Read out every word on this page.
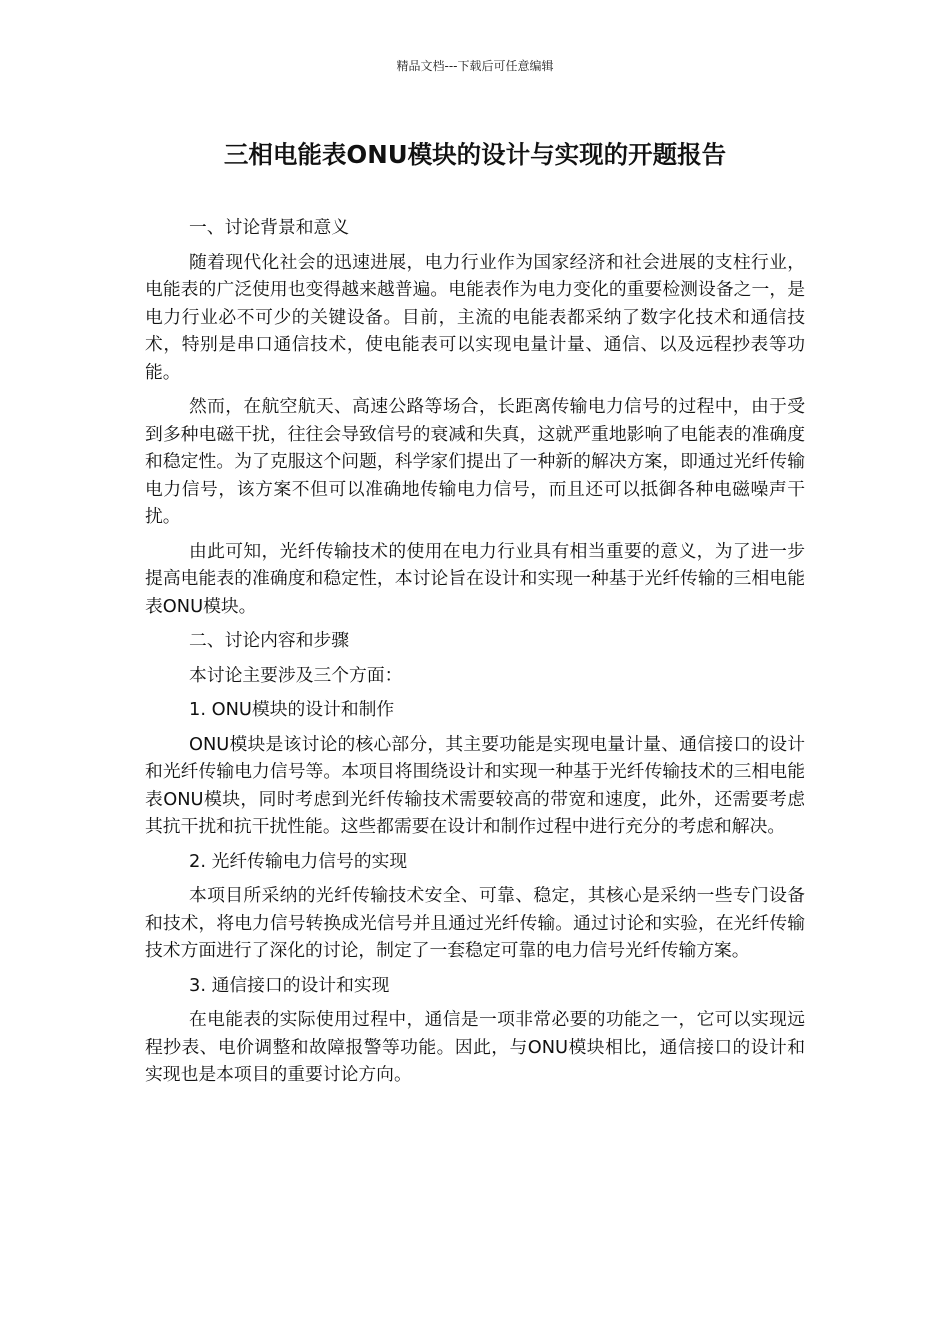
精品文档---下载后可任意编辑
三相电能表ONU模块的设计与实现的开题报告

一、讨论背景和意义

随着现代化社会的迅速进展，电力行业作为国家经济和社会进展的支柱行业，电能表的广泛使用也变得越来越普遍。电能表作为电力变化的重要检测设备之一，是电力行业必不可少的关键设备。目前，主流的电能表都采纳了数字化技术和通信技术，特别是串口通信技术，使电能表可以实现电量计量、通信、以及远程抄表等功能。

然而，在航空航天、高速公路等场合，长距离传输电力信号的过程中，由于受到多种电磁干扰，往往会导致信号的衰减和失真，这就严重地影响了电能表的准确度和稳定性。为了克服这个问题，科学家们提出了一种新的解决方案，即通过光纤传输电力信号，该方案不但可以准确地传输电力信号，而且还可以抵御各种电磁噪声干扰。

由此可知，光纤传输技术的使用在电力行业具有相当重要的意义，为了进一步提高电能表的准确度和稳定性，本讨论旨在设计和实现一种基于光纤传输的三相电能表ONU模块。

二、讨论内容和步骤

本讨论主要涉及三个方面：

1. ONU模块的设计和制作

ONU模块是该讨论的核心部分，其主要功能是实现电量计量、通信接口的设计和光纤传输电力信号等。本项目将围绕设计和实现一种基于光纤传输技术的三相电能表ONU模块，同时考虑到光纤传输技术需要较高的带宽和速度，此外，还需要考虑其抗干扰和抗干扰性能。这些都需要在设计和制作过程中进行充分的考虑和解决。

2. 光纤传输电力信号的实现

本项目所采纳的光纤传输技术安全、可靠、稳定，其核心是采纳一些专门设备和技术，将电力信号转换成光信号并且通过光纤传输。通过讨论和实验，在光纤传输技术方面进行了深化的讨论，制定了一套稳定可靠的电力信号光纤传输方案。

3. 通信接口的设计和实现

在电能表的实际使用过程中，通信是一项非常必要的功能之一，它可以实现远程抄表、电价调整和故障报警等功能。因此，与ONU模块相比，通信接口的设计和实现也是本项目的重要讨论方向。
